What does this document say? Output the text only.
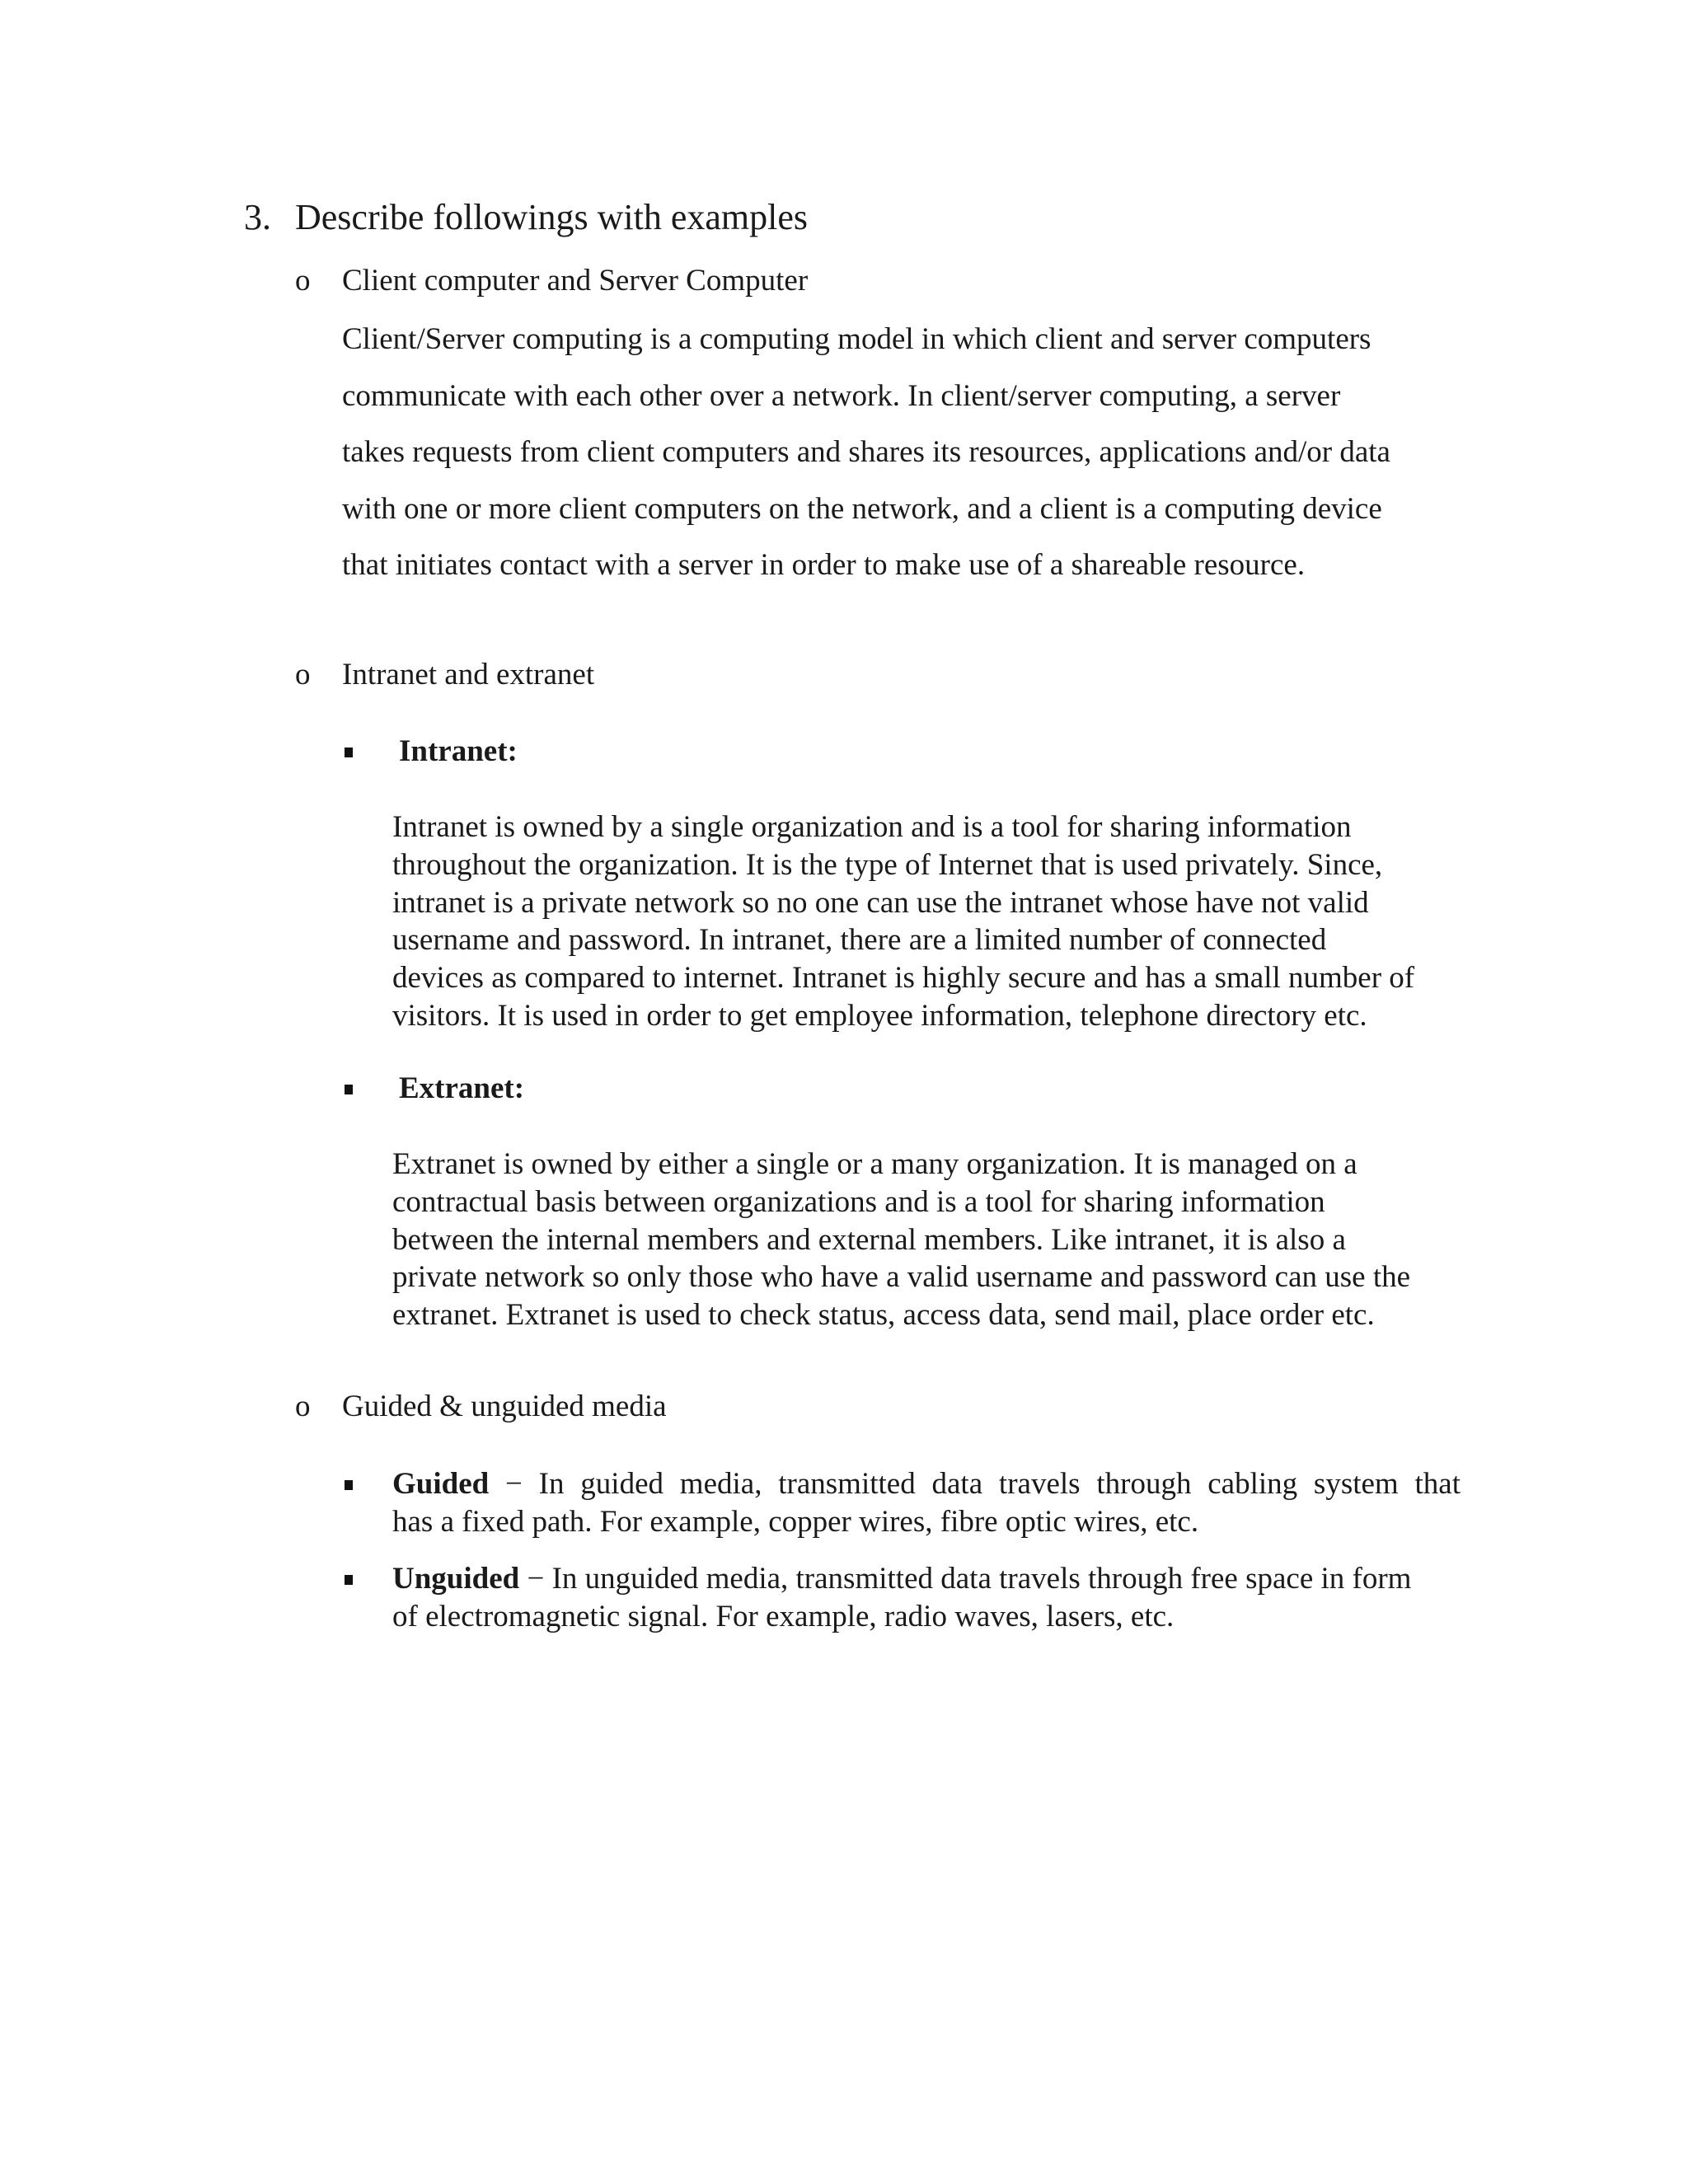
3. Describe followings with examples
o Client computer and Server Computer
Client/Server computing is a computing model in which client and server computers
communicate with each other over a network. In client/server computing, a server
takes requests from client computers and shares its resources, applications and/or data
with one or more client computers on the network, and a client is a computing device
that initiates contact with a server in order to make use of a shareable resource.
o Intranet and extranet
Intranet:
Intranet is owned by a single organization and is a tool for sharing information
throughout the organization. It is the type of Internet that is used privately. Since,
intranet is a private network so no one can use the intranet whose have not valid
username and password. In intranet, there are a limited number of connected
devices as compared to internet. Intranet is highly secure and has a small number of
visitors. It is used in order to get employee information, telephone directory etc.
Extranet:
Extranet is owned by either a single or a many organization. It is managed on a
contractual basis between organizations and is a tool for sharing information
between the internal members and external members. Like intranet, it is also a
private network so only those who have a valid username and password can use the
extranet. Extranet is used to check status, access data, send mail, place order etc.
o Guided & unguided media
Guided − In guided media, transmitted data travels through cabling system that
has a fixed path. For example, copper wires, fibre optic wires, etc.
Unguided − In unguided media, transmitted data travels through free space in form
of electromagnetic signal. For example, radio waves, lasers, etc.
